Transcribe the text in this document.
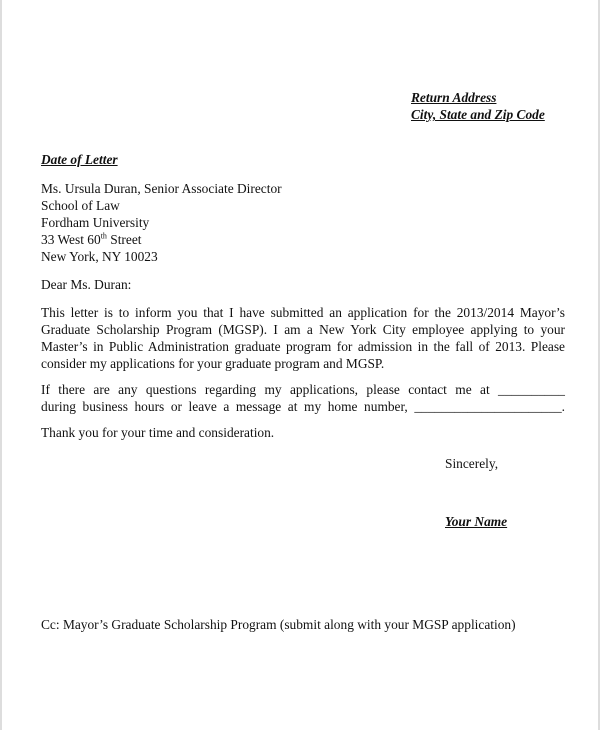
Return Address
City, State and Zip Code
Date of Letter
Ms. Ursula Duran, Senior Associate Director
School of Law
Fordham University
33 West 60th Street
New York, NY 10023
Dear Ms. Duran:
This letter is to inform you that I have submitted an application for the 2013/2014 Mayor’s
Graduate Scholarship Program (MGSP). I am a New York City employee applying to your
Master’s in Public Administration graduate program for admission in the fall of 2013. Please
consider my applications for your graduate program and MGSP.
If there are any questions regarding my applications, please contact me at __________
during business hours or leave a message at my home number, ______________________.
Thank you for your time and consideration.
Sincerely,
Your Name
Cc: Mayor’s Graduate Scholarship Program (submit along with your MGSP application)
